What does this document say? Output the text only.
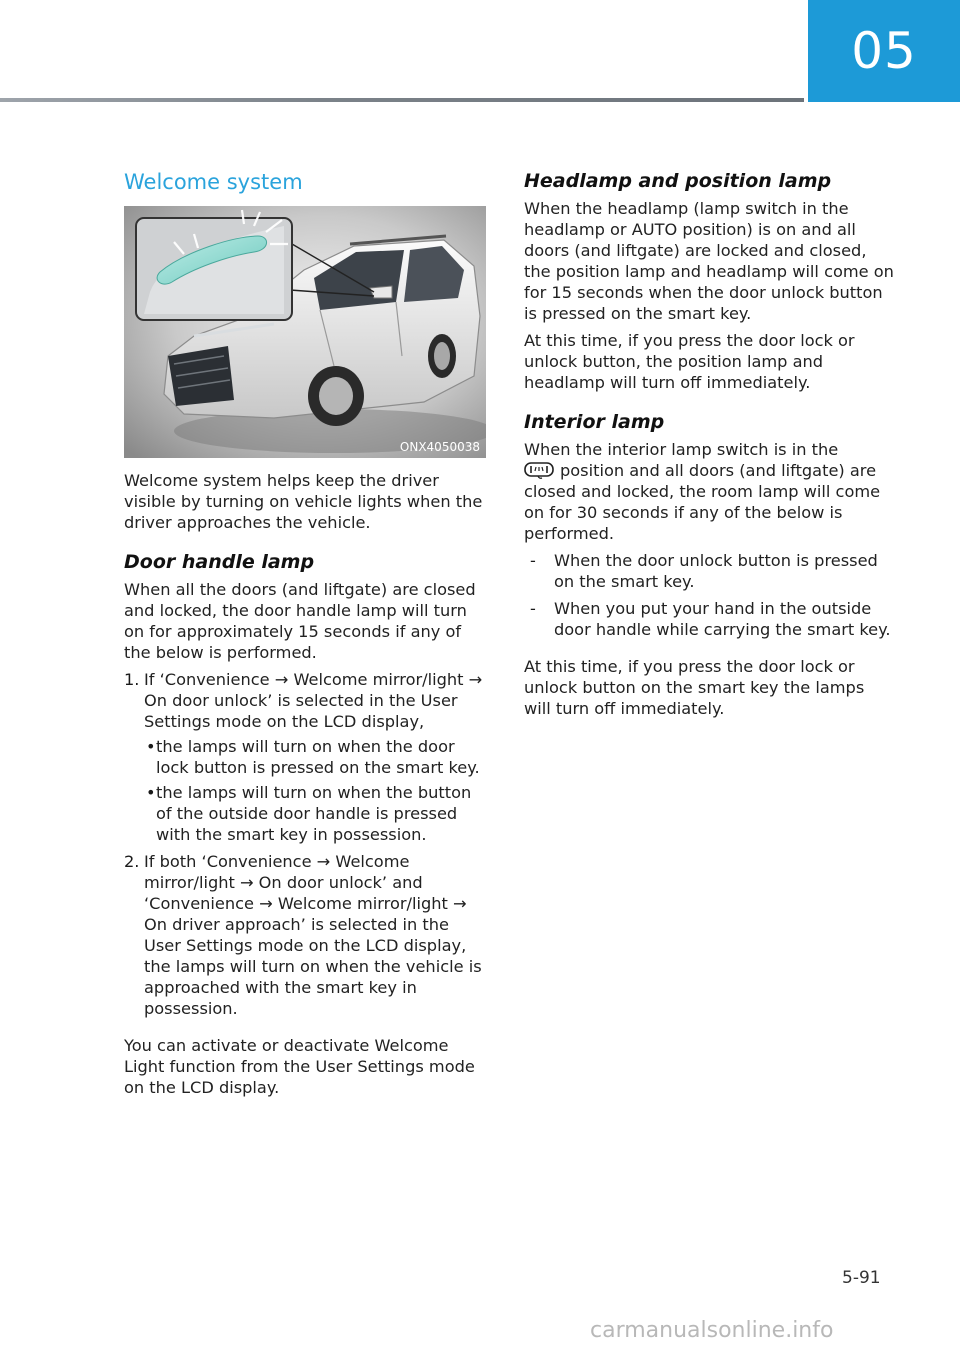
05
Welcome system
ONX4050038

Welcome system helps keep the driver visible by turning on vehicle lights when the driver approaches the vehicle.

Door handle lamp

When all the doors (and liftgate) are closed and locked, the door handle lamp will turn on for approximately 15 seconds if any of the below is performed.

1. If ‘Convenience → Welcome mirror/light → On door unlock’ is selected in the User Settings mode on the LCD display,

• the lamps will turn on when the door lock button is pressed on the smart key.

• the lamps will turn on when the button of the outside door handle is pressed with the smart key in possession.

2. If both ‘Convenience → Welcome mirror/light → On door unlock’ and ‘Convenience → Welcome mirror/light → On driver approach’ is selected in the User Settings mode on the LCD display, the lamps will turn on when the vehicle is approached with the smart key in possession.

You can activate or deactivate Welcome Light function from the User Settings mode on the LCD display.

Headlamp and position lamp

When the headlamp (lamp switch in the headlamp or AUTO position) is on and all doors (and liftgate) are locked and closed, the position lamp and headlamp will come on for 15 seconds when the door unlock button is pressed on the smart key.

At this time, if you press the door lock or unlock button, the position lamp and headlamp will turn off immediately.

Interior lamp

When the interior lamp switch is in the
position and all doors (and liftgate) are closed and locked, the room lamp will come on for 30 seconds if any of the below is performed.

-	When the door unlock button is pressed on the smart key.

-	When you put your hand in the outside door handle while carrying the smart key.

At this time, if you press the door lock or unlock button on the smart key the lamps will turn off immediately.

5-91
carmanualsonline.info
